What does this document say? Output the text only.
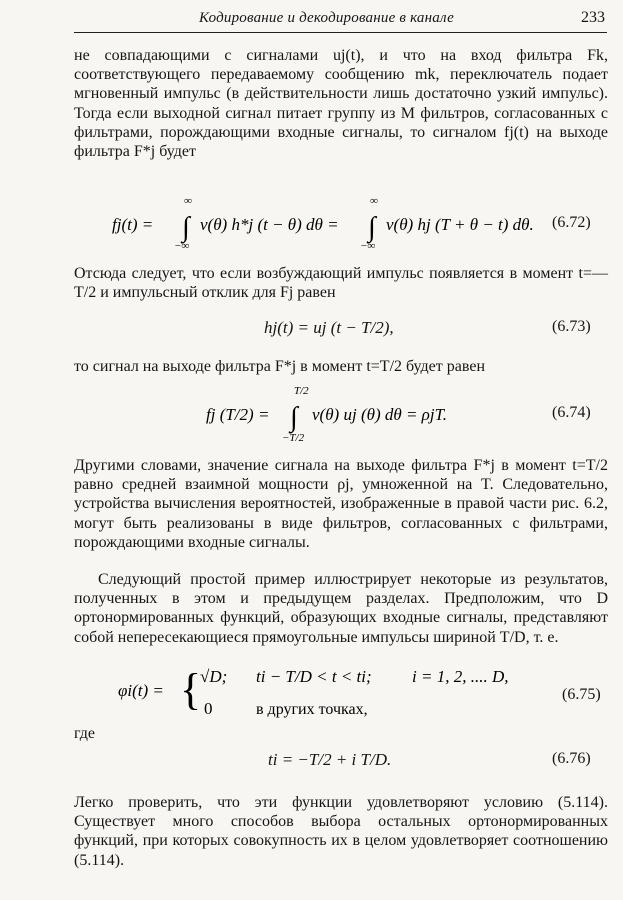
Кодирование и декодирование в канале	233

не совпадающими с сигналами uj(t), и что на вход фильтра Fk, соответствующего передаваемому сообщению mk, переключатель подает мгновенный импульс (в действительности лишь достаточно узкий импульс). Тогда если выходной сигнал питает группу из M фильтров, согласованных с фильтрами, порождающими входные сигналы, то сигналом fj(t) на выходе фильтра F*j будет

fj(t) =
∞
∫
−∞
v(θ) h*j (t − θ) dθ =
∞
∫
−∞
v(θ) hj (T + θ − t) dθ. (6.72)

Отсюда следует, что если возбуждающий импульс появляется в момент t=—T/2 и импульсный отклик для Fj равен

hj(t) = uj (t − T/2),	(6.73)

то сигнал на выходе фильтра F*j в момент t=T/2 будет равен

fj (T/2) =
T/2
∫
−T/2
v(θ) uj (θ) dθ = ρjT.	(6.74)

Другими словами, значение сигнала на выходе фильтра F*j в момент t=T/2 равно средней взаимной мощности ρj, умноженной на T. Следовательно, устройства вычисления вероятностей, изображенные в правой части рис. 6.2, могут быть реализованы в виде фильтров, согласованных с фильтрами, порождающими входные сигналы.

Следующий простой пример иллюстрирует некоторые из результатов, полученных в этом и предыдущем разделах. Предположим, что D ортонормированных функций, образующих входные сигналы, представляют собой непересекающиеся прямоугольные импульсы шириной T/D, т. е.

φi(t) = {
√D; ti − T/D < t < ti; i = 1, 2, .... D,
0	в других точках,
(6.75)
где
ti = −T/2 + i T/D.	(6.76)

Легко проверить, что эти функции удовлетворяют условию (5.114). Существует много способов выбора остальных ортонормированных функций, при которых совокупность их в целом удовлетворяет соотношению (5.114).
